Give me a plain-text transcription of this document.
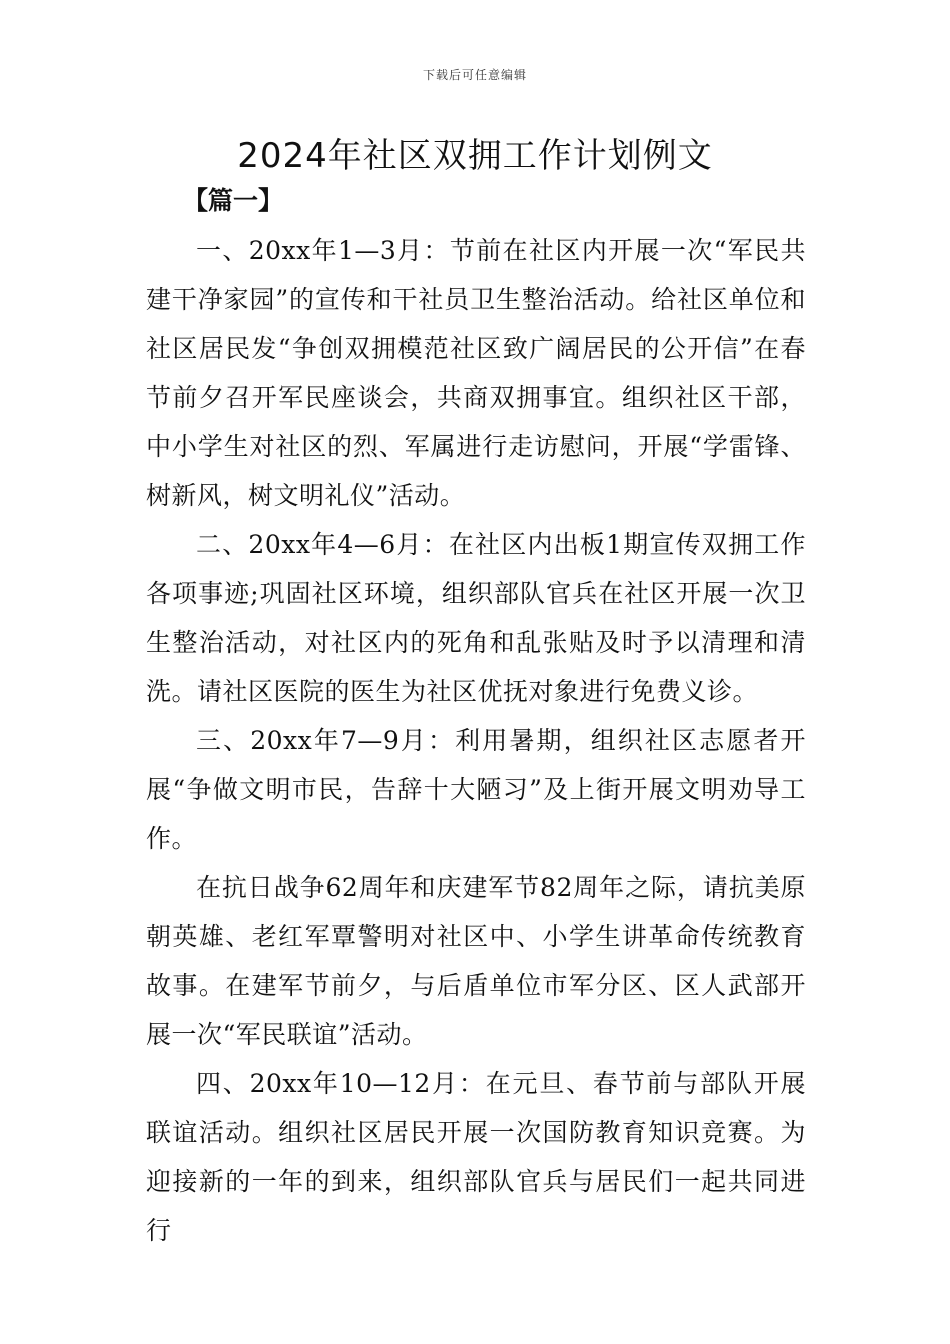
下载后可任意编辑
2024年社区双拥工作计划例文
【篇一】

一、20xx年1—3月：节前在社区内开展一次“军民共建干净家园”的宣传和干社员卫生整治活动。给社区单位和社区居民发“争创双拥模范社区致广阔居民的公开信”在春节前夕召开军民座谈会，共商双拥事宜。组织社区干部，中小学生对社区的烈、军属进行走访慰问，开展“学雷锋、树新风，树文明礼仪”活动。

二、20xx年4—6月：在社区内出板1期宣传双拥工作各项事迹;巩固社区环境，组织部队官兵在社区开展一次卫生整治活动，对社区内的死角和乱张贴及时予以清理和清洗。请社区医院的医生为社区优抚对象进行免费义诊。

三、20xx年7—9月：利用暑期，组织社区志愿者开展“争做文明市民，告辞十大陋习”及上街开展文明劝导工作。

在抗日战争62周年和庆建军节82周年之际，请抗美原朝英雄、老红军覃警明对社区中、小学生讲革命传统教育故事。在建军节前夕，与后盾单位市军分区、区人武部开展一次“军民联谊”活动。

四、20xx年10—12月：在元旦、春节前与部队开展联谊活动。组织社区居民开展一次国防教育知识竞赛。为迎接新的一年的到来，组织部队官兵与居民们一起共同进行
